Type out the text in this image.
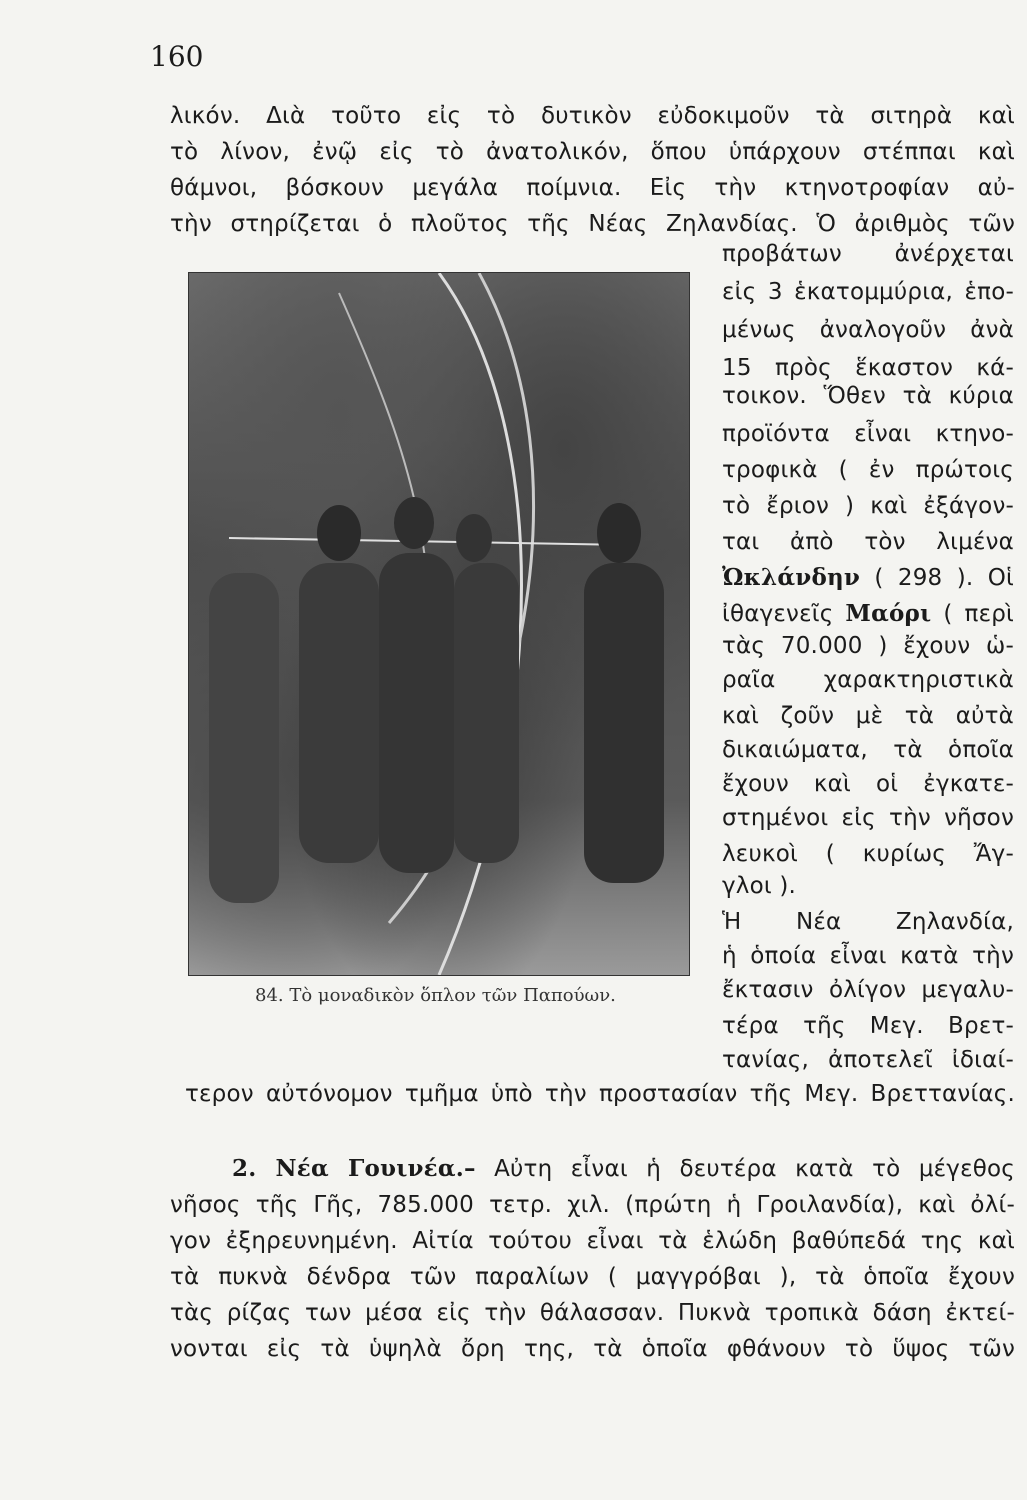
160
λικόν. Διὰ τοῦτο εἰς τὸ δυτικὸν εὐδοκιμοῦν τὰ σιτηρὰ καὶ
τὸ λίνον, ἐνῷ εἰς τὸ ἀνατολικόν, ὅπου ὑπάρχουν στέππαι καὶ
θάμνοι, βόσκουν μεγάλα ποίμνια. Εἰς τὴν κτηνοτροφίαν αὐ-
τὴν στηρίζεται ὁ πλοῦτος τῆς Νέας Ζηλανδίας. Ὁ ἀριθμὸς τῶν
84. Τὸ μοναδικὸν ὅπλον τῶν Παπούων.
προβάτων ἀνέρχεται
εἰς 3 ἑκατομμύρια, ἑπο-
μένως ἀναλογοῦν ἀνὰ
15 πρὸς ἕκαστον κά-
τοικον. Ὅθεν τὰ κύρια
προϊόντα εἶναι κτηνο-
τροφικὰ ( ἐν πρώτοις
τὸ ἔριον ) καὶ ἐξάγον-
ται ἀπὸ τὸν λιμένα
Ὠκλάνδην ( 298 ). Οἱ
ἰθαγενεῖς Μαόρι ( περὶ
τὰς 70.000 ) ἔχουν ὡ-
ραῖα χαρακτηριστικὰ
καὶ ζοῦν μὲ τὰ αὐτὰ
δικαιώματα, τὰ ὁποῖα
ἔχουν καὶ οἱ ἐγκατε-
στημένοι εἰς τὴν νῆσον
λευκοὶ ( κυρίως Ἄγ-
γλοι ).
Ἡ Νέα Ζηλανδία,
ἡ ὁποία εἶναι κατὰ τὴν
ἔκτασιν ὀλίγον μεγαλυ-
τέρα τῆς Μεγ. Βρετ-
τανίας, ἀποτελεῖ ἰδιαί-
τερον αὐτόνομον τμῆμα ὑπὸ τὴν προστασίαν τῆς Μεγ. Βρεττανίας.
2. Νέα Γουινέα.– Αὐτη εἶναι ἡ δευτέρα κατὰ τὸ μέγεθος
νῆσος τῆς Γῆς, 785.000 τετρ. χιλ. (πρώτη ἡ Γροιλανδία), καὶ ὀλί-
γον ἐξηρευνημένη. Αἰτία τούτου εἶναι τὰ ἑλώδη βαθύπεδά της καὶ
τὰ πυκνὰ δένδρα τῶν παραλίων ( μαγγρόβαι ), τὰ ὁποῖα ἔχουν
τὰς ρίζας των μέσα εἰς τὴν θάλασσαν. Πυκνὰ τροπικὰ δάση ἐκτεί-
νονται εἰς τὰ ὑψηλὰ ὄρη της, τὰ ὁποῖα φθάνουν τὸ ὕψος τῶν
